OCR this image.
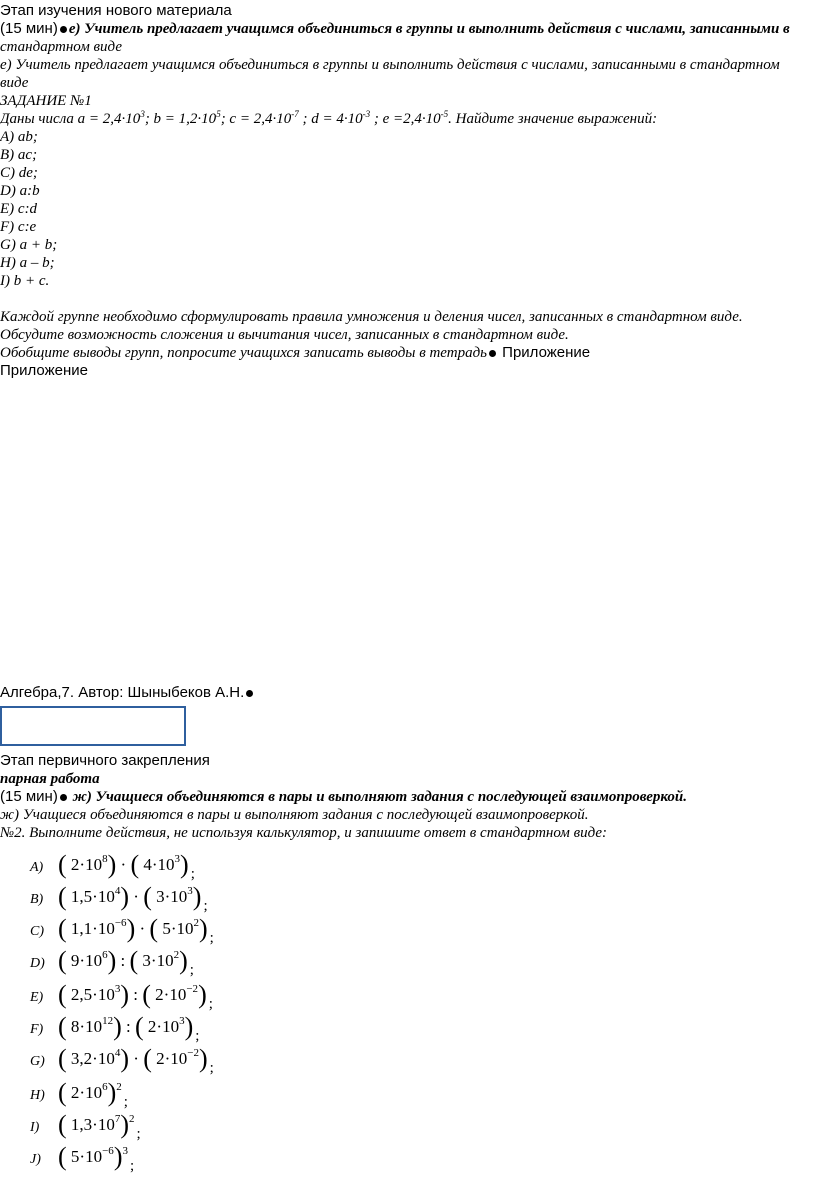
Этап изучения нового материала
(15 мин) е) Учитель предлагает учащимся объединиться в группы и выполнить действия с числами, записанными в
стандартном виде
е) Учитель предлагает учащимся объединиться в группы и выполнить действия с числами, записанными в стандартном
виде
ЗАДАНИЕ №1
Даны числа $a = 2,4\cdot 10^3$; $b = 1,2\cdot 10^5$; $c = 2,4\cdot 10^{-7}$ ; $d = 4\cdot 10^{-3}$ ; $e =2,4\cdot 10^{-5}$. Найдите значение выражений:
A) ab;
B) ac;
C) de;
D) a:b
E) c:d
F) c:e
G) a + b;
H) a – b;
I) b + c.
Каждой группе необходимо сформулировать правила умножения и деления чисел, записанных в стандартном виде.
Обсудите возможность сложения и вычитания чисел, записанных в стандартном виде.
Обобщите выводы групп, попросите учащихся записать выводы в тетрадь Приложение
Приложение
Алгебра,7. Автор: Шыныбеков А.Н.
Этап первичного закрепления
парная работа
(15 мин) ж) Учащиеся объединяются в пары и выполняют задания с последующей взаимопроверкой.
ж) Учащиеся объединяются в пары и выполняют задания с последующей взаимопроверкой.
№2. Выполните действия, не используя калькулятор, и запишите ответ в стандартном виде:
A) ( $2\cdot 10^8$) · ( $4\cdot 10^3$) ;
B) ( $1,5\cdot 10^4$) · ( $3\cdot 10^3$) ;
C) ( $1,1\cdot 10^{-6}$) · ( $5\cdot 10^2$) ;
D) ( $9\cdot 10^6$) : ( $3\cdot 10^2$) ;
E) ( $2,5\cdot 10^3$) : ( $2\cdot 10^{-2}$) ;
F) ( $8\cdot 10^{12}$) : ( $2\cdot 10^3$) ;
G) ( $3,2\cdot 10^4$) · ( $2\cdot 10^{-2}$) ;
H) ( $2\cdot 10^6)^2$;
I) ( $1,3\cdot 10^7)^2$;
J) ( $5\cdot 10^{-6})^3$;
